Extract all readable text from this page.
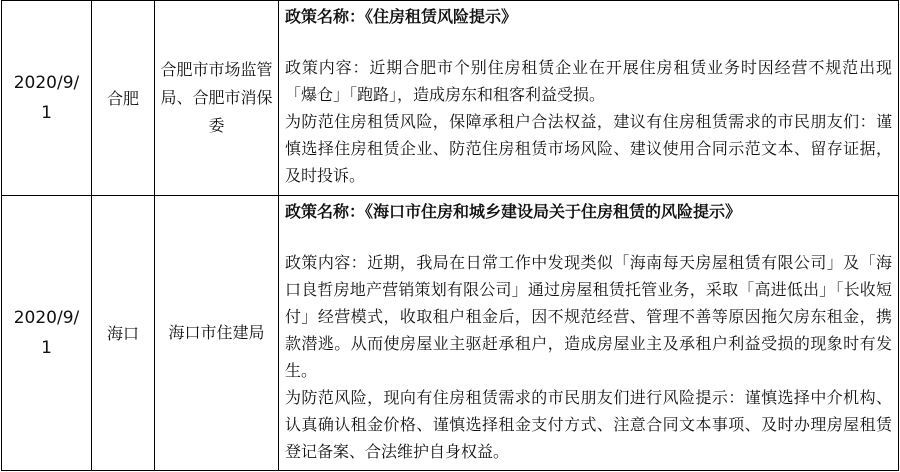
2020/9/1	合肥	合肥市市场监管局、合肥市消保委	政策名称：《住房租赁风险提示》
政策内容：近期合肥市个别住房租赁企业在开展住房租赁业务时因经营不规范出现「爆仓」「跑路」，造成房东和租客利益受损。
为防范住房租赁风险，保障承租户合法权益，建议有住房租赁需求的市民朋友们：谨慎选择住房租赁企业、防范住房租赁市场风险、建议使用合同示范文本、留存证据，及时投诉。

2020/9/1	海口	海口市住建局	政策名称：《海口市住房和城乡建设局关于住房租赁的风险提示》
政策内容：近期，我局在日常工作中发现类似「海南每天房屋租赁有限公司」及「海口良哲房地产营销策划有限公司」通过房屋租赁托管业务，采取「高进低出」「长收短付」经营模式，收取租户租金后，因不规范经营、管理不善等原因拖欠房东租金，携款潜逃。从而使房屋业主驱赶承租户，造成房屋业主及承租户利益受损的现象时有发生。
为防范风险，现向有住房租赁需求的市民朋友们进行风险提示：谨慎选择中介机构、认真确认租金价格、谨慎选择租金支付方式、注意合同文本事项、及时办理房屋租赁登记备案、合法维护自身权益。
